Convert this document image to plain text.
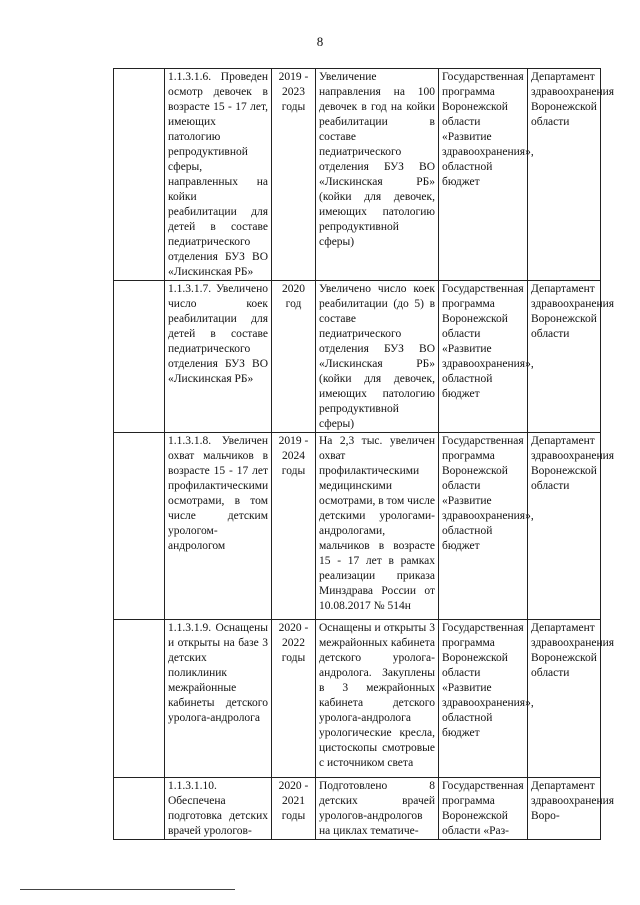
8
	1.1.3.1.6. Проведен осмотр девочек в возрасте 15 - 17 лет, имеющих патологию репродуктивной сферы, направленных на койки реабилитации для детей в составе педиатрического отделения БУЗ ВО «Лискинская РБ»	2019 - 2023 годы	Увеличение направления на 100 девочек в год на койки реабилитации в составе педиатрического отделения БУЗ ВО «Лискинская РБ» (койки для девочек, имеющих патологию репродуктивной сферы)	Государственная программа Воронежской области «Развитие здравоохранения», областной бюджет	Департамент здравоохранения Воронежской области
	1.1.3.1.7. Увеличено число коек реабилитации для детей в составе педиатрического отделения БУЗ ВО «Лискинская РБ»	2020 год	Увеличено число коек реабилитации (до 5) в составе педиатрического отделения БУЗ ВО «Лискинская РБ» (койки для девочек, имеющих патологию репродуктивной сферы)	Государственная программа Воронежской области «Развитие здравоохранения», областной бюджет	Департамент здравоохранения Воронежской области
	1.1.3.1.8. Увеличен охват мальчиков в возрасте 15 - 17 лет профилактическими осмотрами, в том числе детским урологом-андрологом	2019 - 2024 годы	На 2,3 тыс. увеличен охват профилактическими медицинскими осмотрами, в том числе детскими урологами-андрологами, мальчиков в возрасте 15 - 17 лет в рамках реализации приказа Минздрава России от 10.08.2017 № 514н	Государственная программа Воронежской области «Развитие здравоохранения», областной бюджет	Департамент здравоохранения Воронежской области
	1.1.3.1.9. Оснащены и открыты на базе 3 детских поликлиник межрайонные кабинеты детского уролога-андролога	2020 - 2022 годы	Оснащены и открыты 3 межрайонных кабинета детского уролога-андролога. Закуплены в 3 межрайонных кабинета детского уролога-андролога урологические кресла, цистоскопы смотровые с источником света	Государственная программа Воронежской области «Развитие здравоохранения», областной бюджет	Департамент здравоохранения Воронежской области
	1.1.3.1.10. Обеспечена подготовка детских врачей урологов-	2020 - 2021 годы	Подготовлено 8 детских врачей урологов-андрологов на циклах тематиче-	Государственная программа Воронежской области «Раз-	Департамент здравоохранения Воро-
